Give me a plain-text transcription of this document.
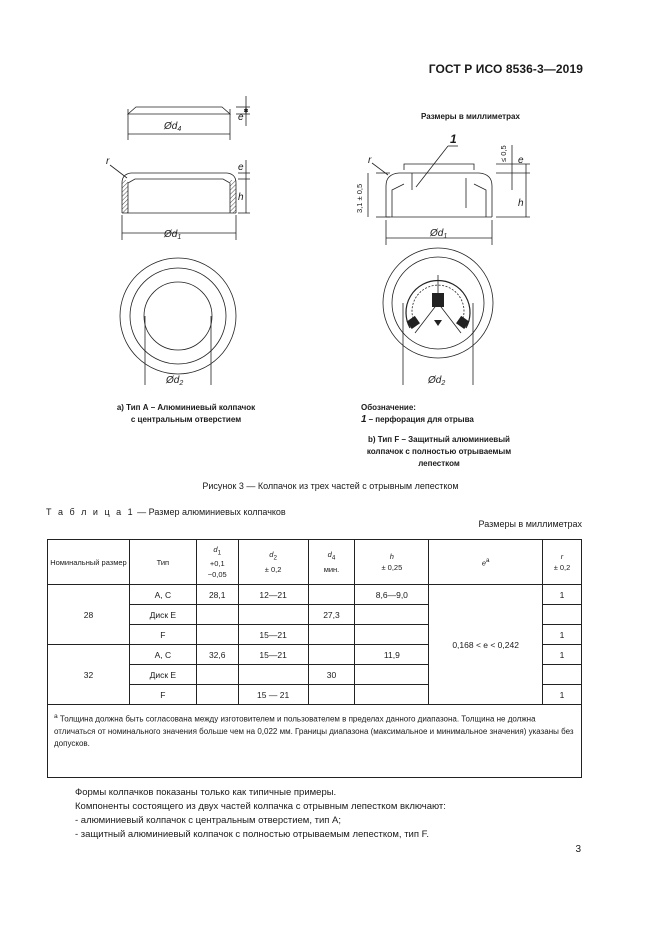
ГОСТ Р ИСО 8536-3—2019
$Ød_4$
$Ød_1$
$Ød_2$
$Ød_1$
$Ød_2$
e
e
h
r	r
h
e
1
3,1 ± 0,5
≤ 0,5
Размеры в миллиметрах
a) Тип А – Алюминиевый колпачок
с центральным отверстием
Обозначение:
1 – перфорация для отрыва
b) Тип F – Защитный алюминиевый
колпачок с полностью отрываемым
лепестком
Рисунок 3 — Колпачок из трех частей с отрывным лепестком
Т а б л и ц а 1 — Размер алюминиевых колпачков
Размеры в миллиметрах
Номинальный размер	Тип	$d_1$
+0,1
−0,05	$d_2$
± 0,2	$d_4$
мин.	h
± 0,25	$e^a$	r
± 0,2
28	A, C	28,1	12—21		8,6—9,0	0,168 < e < 0,242	1
	Диск E			27,3			
	F		15—21				1
32	A, C	32,6	15—21		11,9		1
	Диск E			30			
	F		15 — 21				1
$^a$ Толщина должна быть согласована между изготовителем и пользователем в пределах данного диапазона. Толщина не должна отличаться от номинального значения больше чем на 0,022 мм. Границы диапазона (максимальное и минимальное значения) указаны без допусков.							

Формы колпачков показаны только как типичные примеры.

Компоненты состоящего из двух частей колпачка с отрывным лепестком включают:

- алюминиевый колпачок с центральным отверстием, тип A;

- защитный алюминиевый колпачок с полностью отрываемым лепестком, тип F.

3
